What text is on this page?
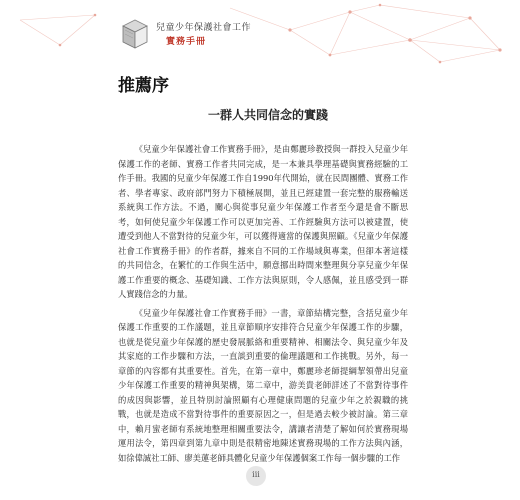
兒童少年保護社會工作
實務手冊
推薦序
一群人共同信念的實踐

《兒童少年保護社會工作實務手冊》，是由鄭麗珍教授與一群投入兒童少年保護工作的老師、實務工作者共同完成，是一本兼具學理基礎與實務經驗的工作手冊。我國的兒童少年保護工作自1990年代開始，就在民間團體、實務工作者、學者專家、政府部門努力下積極展開，並且已經建置一套完整的服務輸送系統與工作方法。不過，關心與從事兒童少年保護工作者至今還是會不斷思考，如何使兒童少年保護工作可以更加完善、工作經驗與方法可以被建置，使遭受到他人不當對待的兒童少年，可以獲得適當的保護與照顧。《兒童少年保護社會工作實務手冊》的作者群，據來自不同的工作場域與專業，但卻本著這樣的共同信念，在繁忙的工作與生活中，願意挪出時間來整理與分享兒童少年保護工作重要的概念、基礎知識、工作方法與原則，令人感佩，並且感受到一群人實踐信念的力量。

《兒童少年保護社會工作實務手冊》一書，章節結構完整，含括兒童少年保護工作重要的工作議題，並且章節順序安排符合兒童少年保護工作的步驟，也就是從兒童少年保護的歷史發展脈絡和重要精神、相關法令、與兒童少年及其家庭的工作步驟和方法，一直談到重要的倫理議題和工作挑戰。另外，每一章節的內容都有其重要性。首先，在第一章中，鄭麗珍老師提綱挈領帶出兒童少年保護工作重要的精神與架構，第二章中，游美貴老師詳述了不當對待事件的成因與影響，並且特別討論照顧有心理健康問題的兒童少年之於親職的挑戰，也就是造成不當對待事件的重要原因之一，但是過去較少被討論。第三章中，賴月蜜老師有系統地整理相關重要法令，講讓者清楚了解如何於實務現場運用法令，第四章到第九章中則是很精密地陳述實務現場的工作方法與內涵，如徐偉誠社工師、廖美蓮老師具體化兒童少年保護個案工作每一個步驟的工作

iii
